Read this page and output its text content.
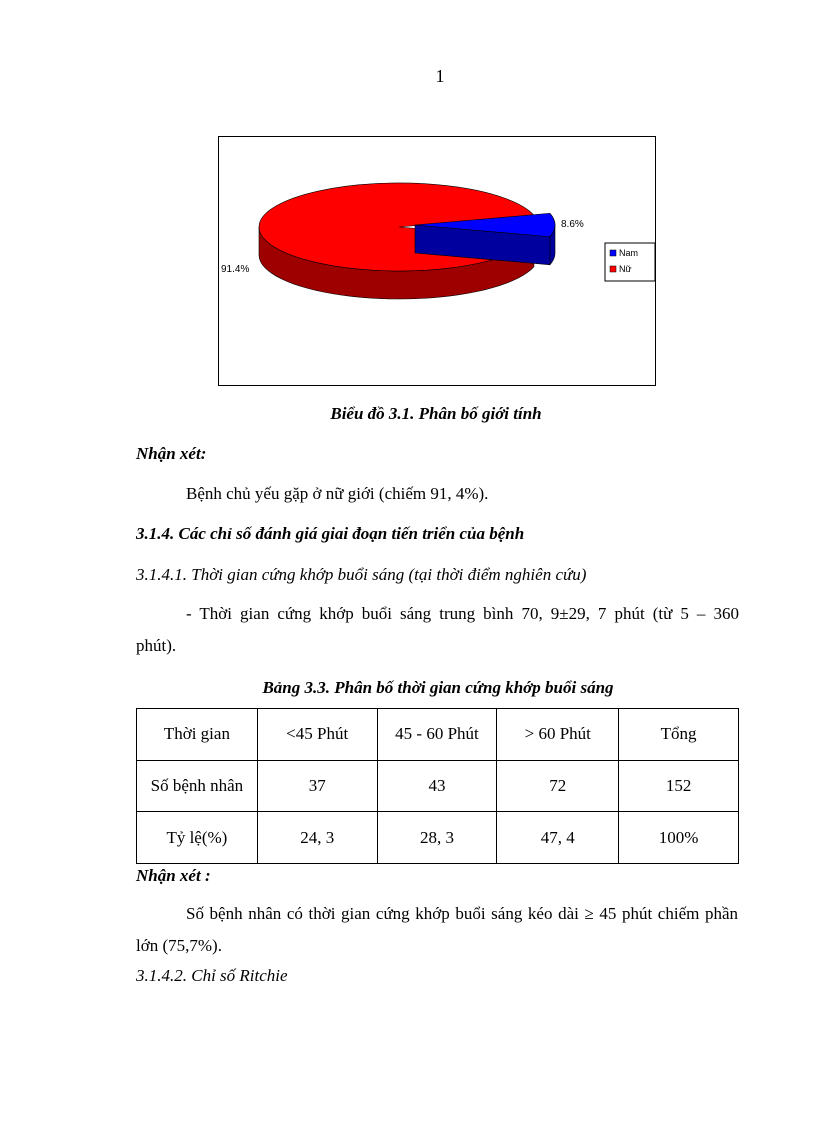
1
8.6%
91.4%
Nam
Nữ
Biểu đồ 3.1. Phân bố giới tính
Nhận xét:
Bệnh chủ yếu gặp ở nữ giới (chiếm 91, 4%).
3.1.4. Các chỉ số đánh giá giai đoạn tiến triển của bệnh
3.1.4.1. Thời gian cứng khớp buổi sáng (tại thời điểm nghiên cứu)
- Thời gian cứng khớp buổi sáng trung bình 70, 9±29, 7 phút (từ 5 – 360
phút).
Bảng 3.3. Phân bố thời gian cứng khớp buổi sáng
Thời gian	<45 Phút	45 - 60 Phút	> 60 Phút	Tổng
Số bệnh nhân	37	43	72	152
Tỷ lệ(%)	24, 3	28, 3	47, 4	100%
Nhận xét :
Số bệnh nhân có thời gian cứng khớp buổi sáng kéo dài ≥ 45 phút chiếm phần lớn (75,7%).
3.1.4.2. Chỉ số Ritchie
